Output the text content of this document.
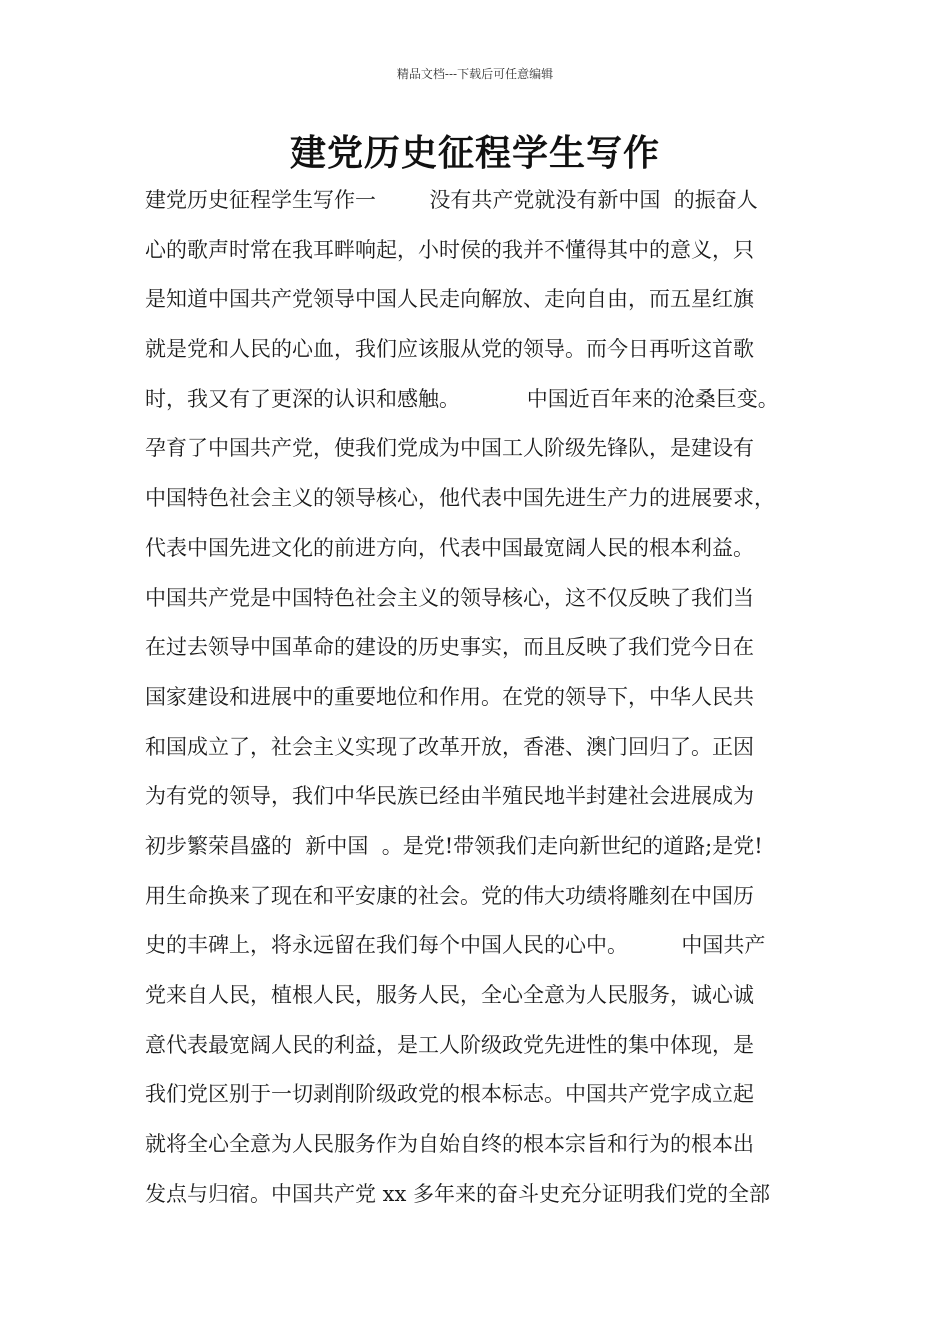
精品文档---下载后可任意编辑
建党历史征程学生写作
建党历史征程学生写作一        没有共产党就没有新中国  的振奋人
心的歌声时常在我耳畔响起，小时侯的我并不懂得其中的意义，只
是知道中国共产党领导中国人民走向解放、走向自由，而五星红旗
就是党和人民的心血，我们应该服从党的领导。而今日再听这首歌
时，我又有了更深的认识和感触。          中国近百年来的沧桑巨变。
孕育了中国共产党，使我们党成为中国工人阶级先锋队，是建设有
中国特色社会主义的领导核心，他代表中国先进生产力的进展要求，
代表中国先进文化的前进方向，代表中国最宽阔人民的根本利益。
中国共产党是中国特色社会主义的领导核心，这不仅反映了我们当
在过去领导中国革命的建设的历史事实，而且反映了我们党今日在
国家建设和进展中的重要地位和作用。在党的领导下，中华人民共
和国成立了，社会主义实现了改革开放，香港、澳门回归了。正因
为有党的领导，我们中华民族已经由半殖民地半封建社会进展成为
初步繁荣昌盛的  新中国  。是党!带领我们走向新世纪的道路;是党!
用生命换来了现在和平安康的社会。党的伟大功绩将雕刻在中国历
史的丰碑上，将永远留在我们每个中国人民的心中。        中国共产
党来自人民，植根人民，服务人民，全心全意为人民服务，诚心诚
意代表最宽阔人民的利益，是工人阶级政党先进性的集中体现，是
我们党区别于一切剥削阶级政党的根本标志。中国共产党字成立起
就将全心全意为人民服务作为自始自终的根本宗旨和行为的根本出
发点与归宿。中国共产党 xx 多年来的奋斗史充分证明我们党的全部
